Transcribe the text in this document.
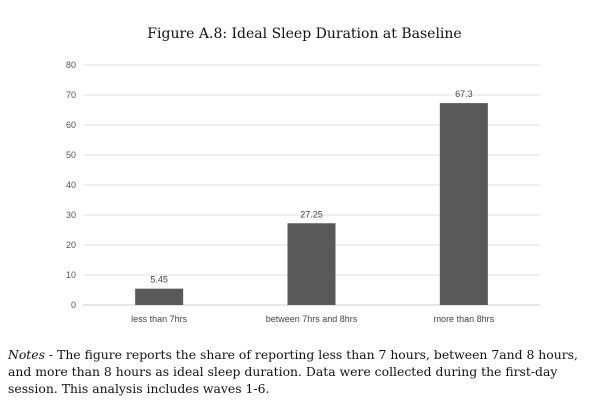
Figure A.8: Ideal Sleep Duration at Baseline
0
10
20
30
40
50
60
70
80
5.45
27.25
67.3
less than 7hrs	between 7hrs and 8hrs	more than 8hrs
Notes - The figure reports the share of reporting less than 7 hours, between 7and 8 hours, and more than 8 hours as ideal sleep duration. Data were collected during the first-day session. This analysis includes waves 1-6.
